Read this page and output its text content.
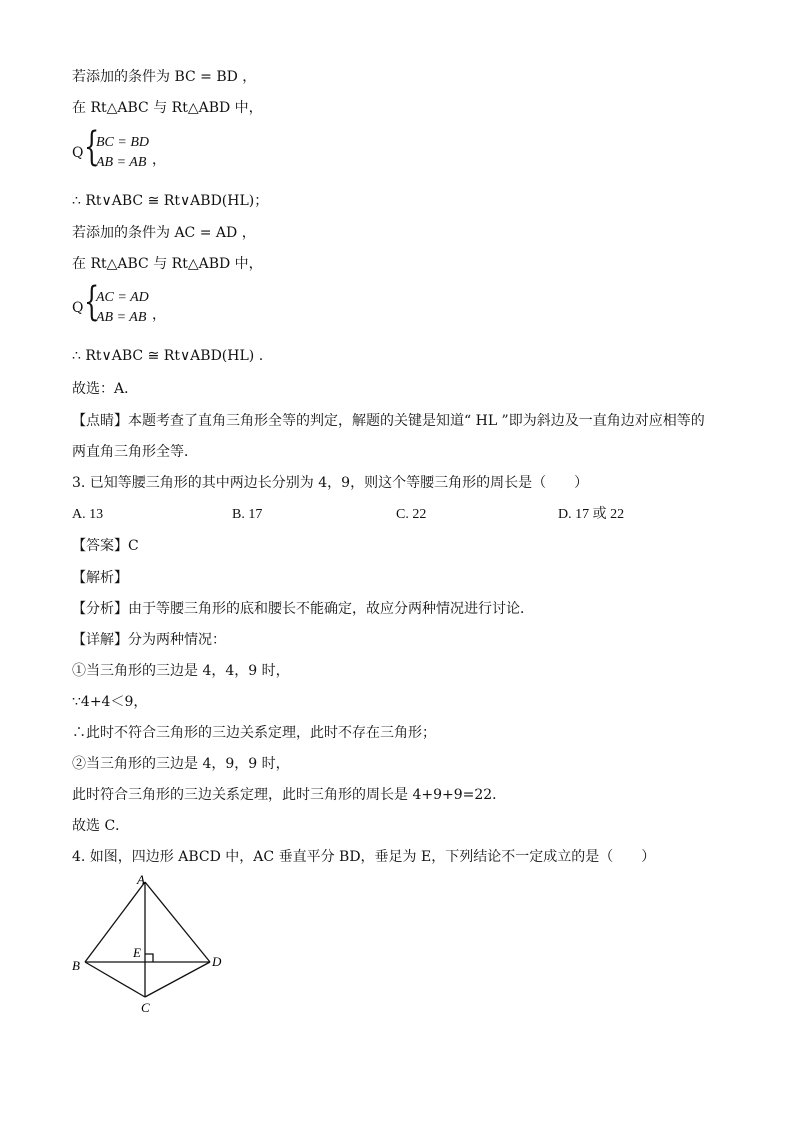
若添加的条件为 BC = BD ，
在 Rt△ABC 与 Rt△ABD 中，
Q {
BC = BD
AB = AB ，
∴ Rt∨ABC ≅ Rt∨ABD(HL)；
若添加的条件为 AC = AD ，
在 Rt△ABC 与 Rt△ABD 中，
Q {
AC = AD
AB = AB ，
∴ Rt∨ABC ≅ Rt∨ABD(HL) .
故选：A．
【点睛】本题考查了直角三角形全等的判定，解题的关键是知道“ HL ”即为斜边及一直角边对应相等的
两直角三角形全等．
3. 已知等腰三角形的其中两边长分别为 4，9，则这个等腰三角形的周长是（　　）
A. 13	B. 17	C. 22	D. 17 或 22
【答案】C
【解析】
【分析】由于等腰三角形的底和腰长不能确定，故应分两种情况进行讨论．
【详解】分为两种情况：
①当三角形的三边是 4，4，9 时，
∵4+4＜9，
∴此时不符合三角形的三边关系定理，此时不存在三角形；
②当三角形的三边是 4，9，9 时，
此时符合三角形的三边关系定理，此时三角形的周长是 4+9+9=22．
故选 C．
4. 如图，四边形 ABCD 中，AC 垂直平分 BD，垂足为 E，下列结论不一定成立的是（　　）
A
B
C
D
E
